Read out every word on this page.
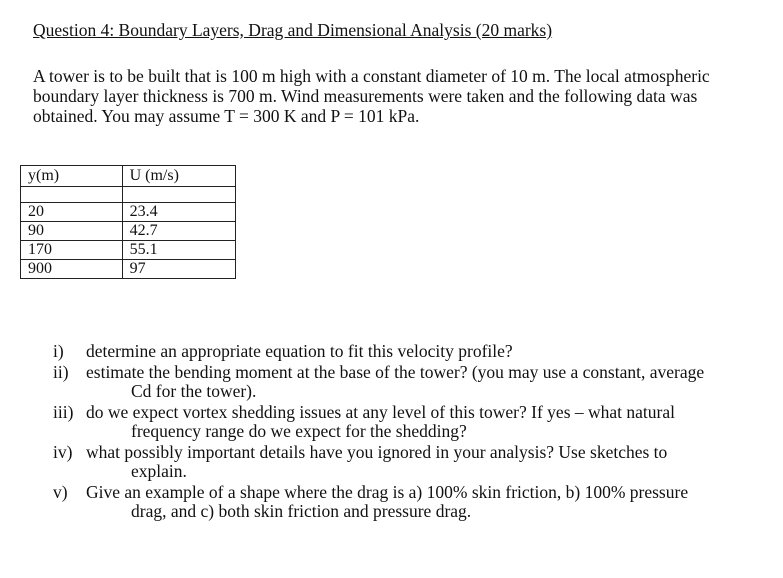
Question 4: Boundary Layers, Drag and Dimensional Analysis (20 marks)

A tower is to be built that is 100 m high with a constant diameter of 10 m. The local atmospheric

boundary layer thickness is 700 m. Wind measurements were taken and the following data was

obtained. You may assume T = 300 K and P = 101 kPa.

y(m)	U (m/s)

20	23.4
90	42.7
170	55.1
900	97
i)	determine an appropriate equation to fit this velocity profile?
ii) estimate the bending moment at the base of the tower? (you may use a constant, average
Cd for the tower).
iii) do we expect vortex shedding issues at any level of this tower? If yes – what natural
frequency range do we expect for the shedding?
iv) what possibly important details have you ignored in your analysis? Use sketches to
explain.
v)	Give an example of a shape where the drag is a) 100% skin friction, b) 100% pressure
drag, and c) both skin friction and pressure drag.
